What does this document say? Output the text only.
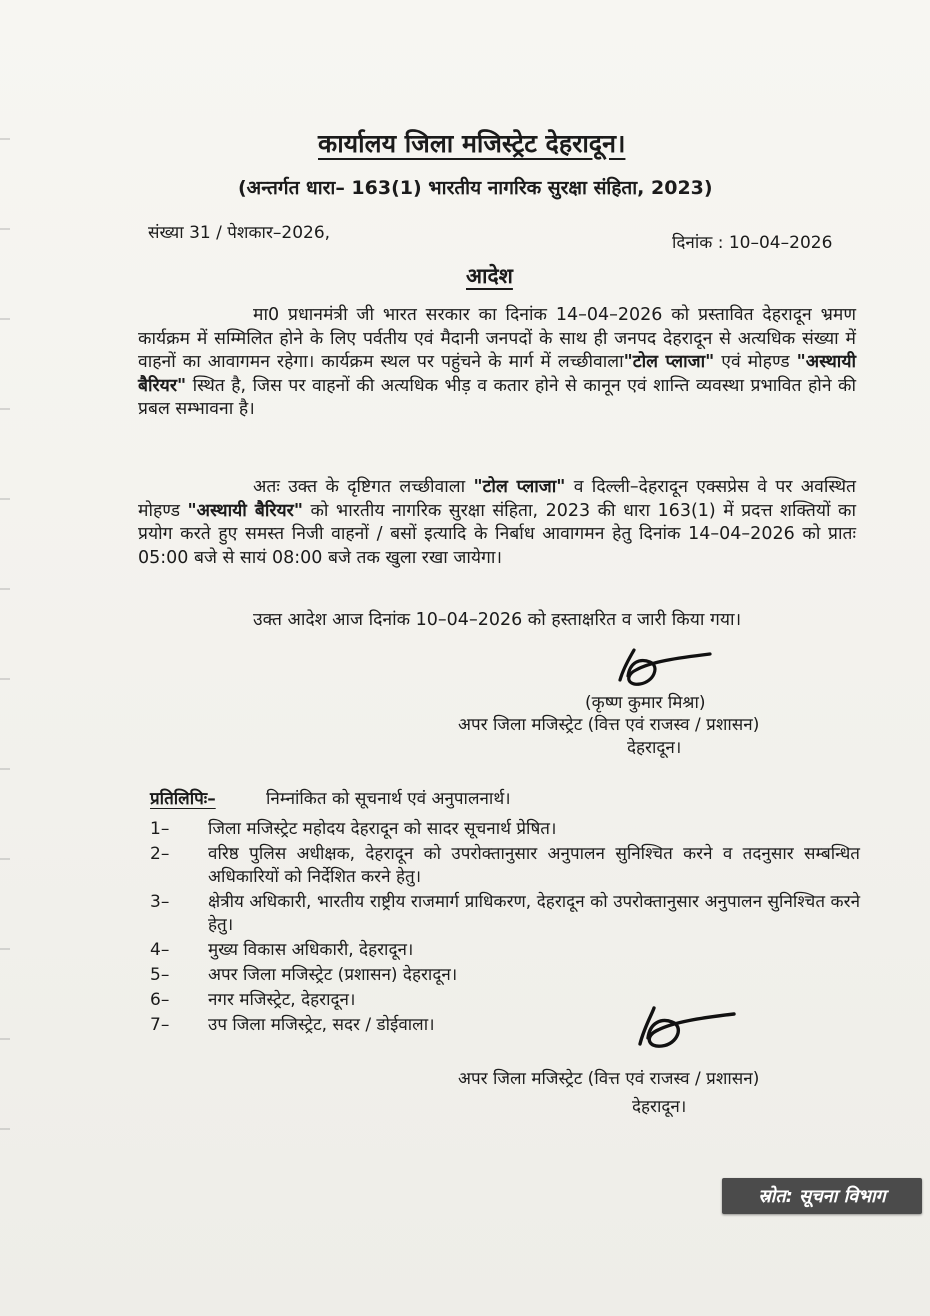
कार्यालय जिला मजिस्ट्रेट देहरादून।
(अन्तर्गत धारा– 163(1) भारतीय नागरिक सुरक्षा संहिता, 2023)
संख्या 31 / पेशकार–2026,	दिनांक : 10–04–2026
आदेश

मा0 प्रधानमंत्री जी भारत सरकार का दिनांक 14–04–2026 को प्रस्तावित देहरादून भ्रमण कार्यक्रम में सम्मिलित होने के लिए पर्वतीय एवं मैदानी जनपदों के साथ ही जनपद देहरादून से अत्यधिक संख्या में वाहनों का आवागमन रहेगा। कार्यक्रम स्थल पर पहुंचने के मार्ग में लच्छीवाला"टोल प्लाजा" एवं मोहण्ड "अस्थायी बैरियर" स्थित है, जिस पर वाहनों की अत्यधिक भीड़ व कतार होने से कानून एवं शान्ति व्यवस्था प्रभावित होने की प्रबल सम्भावना है।

अतः उक्त के दृष्टिगत लच्छीवाला "टोल प्लाजा" व दिल्ली–देहरादून एक्सप्रेस वे पर अवस्थित मोहण्ड "अस्थायी बैरियर" को भारतीय नागरिक सुरक्षा संहिता, 2023 की धारा 163(1) में प्रदत्त शक्तियों का प्रयोग करते हुए समस्त निजी वाहनों / बसों इत्यादि के निर्बाध आवागमन हेतु दिनांक 14–04–2026 को प्रातः 05:00 बजे से सायं 08:00 बजे तक खुला रखा जायेगा।

उक्त आदेश आज दिनांक 10–04–2026 को हस्ताक्षरित व जारी किया गया।

(कृष्ण कुमार मिश्रा)
अपर जिला मजिस्ट्रेट (वित्त एवं राजस्व / प्रशासन)
देहरादून।
प्रतिलिपिः–	निम्नांकित को सूचनार्थ एवं अनुपालनार्थ।
1– जिला मजिस्ट्रेट महोदय देहरादून को सादर सूचनार्थ प्रेषित।
2– वरिष्ठ पुलिस अधीक्षक, देहरादून को उपरोक्तानुसार अनुपालन सुनिश्चित करने व तदनुसार सम्बन्धित अधिकारियों को निर्देशित करने हेतु।
3– क्षेत्रीय अधिकारी, भारतीय राष्ट्रीय राजमार्ग प्राधिकरण, देहरादून को उपरोक्तानुसार अनुपालन सुनिश्चित करने हेतु।
4– मुख्य विकास अधिकारी, देहरादून।
5– अपर जिला मजिस्ट्रेट (प्रशासन) देहरादून।
6– नगर मजिस्ट्रेट, देहरादून।
7– उप जिला मजिस्ट्रेट, सदर / डोईवाला।
अपर जिला मजिस्ट्रेट (वित्त एवं राजस्व / प्रशासन)
देहरादून।
स्रोत: सूचना विभाग
